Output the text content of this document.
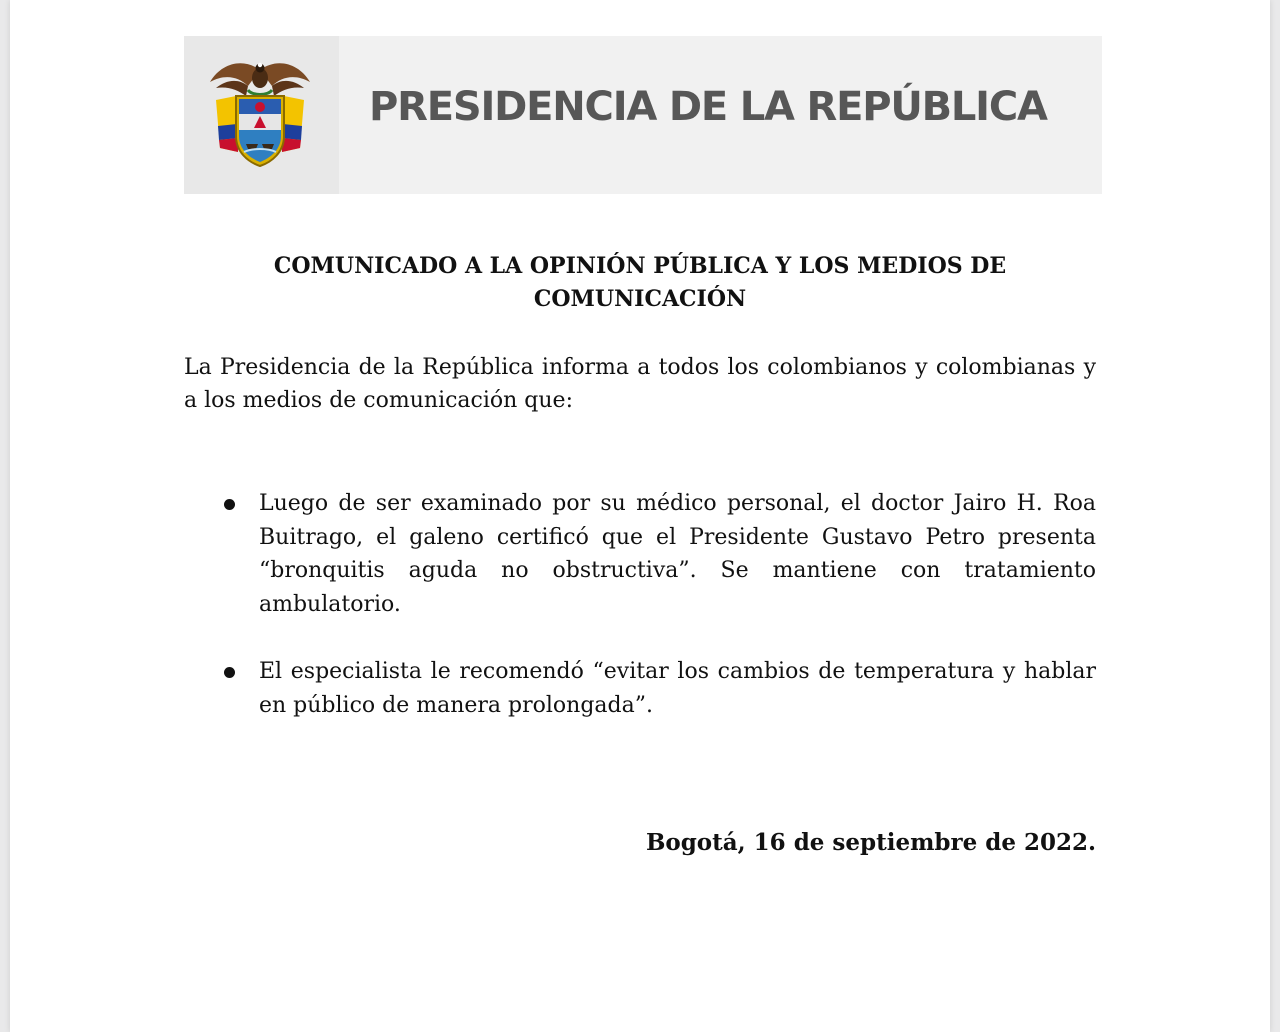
PRESIDENCIA DE LA REPÚBLICA
COMUNICADO A LA OPINIÓN PÚBLICA Y LOS MEDIOS DE
COMUNICACIÓN

La Presidencia de la República informa a todos los colombianos y colombianas y a los medios de comunicación que:

Luego de ser examinado por su médico personal, el doctor Jairo H. Roa Buitrago, el galeno certificó que el Presidente Gustavo Petro presenta “bronquitis aguda no obstructiva”. Se mantiene con tratamiento ambulatorio.
El especialista le recomendó “evitar los cambios de temperatura y hablar en público de manera prolongada”.
Bogotá, 16 de septiembre de 2022.
